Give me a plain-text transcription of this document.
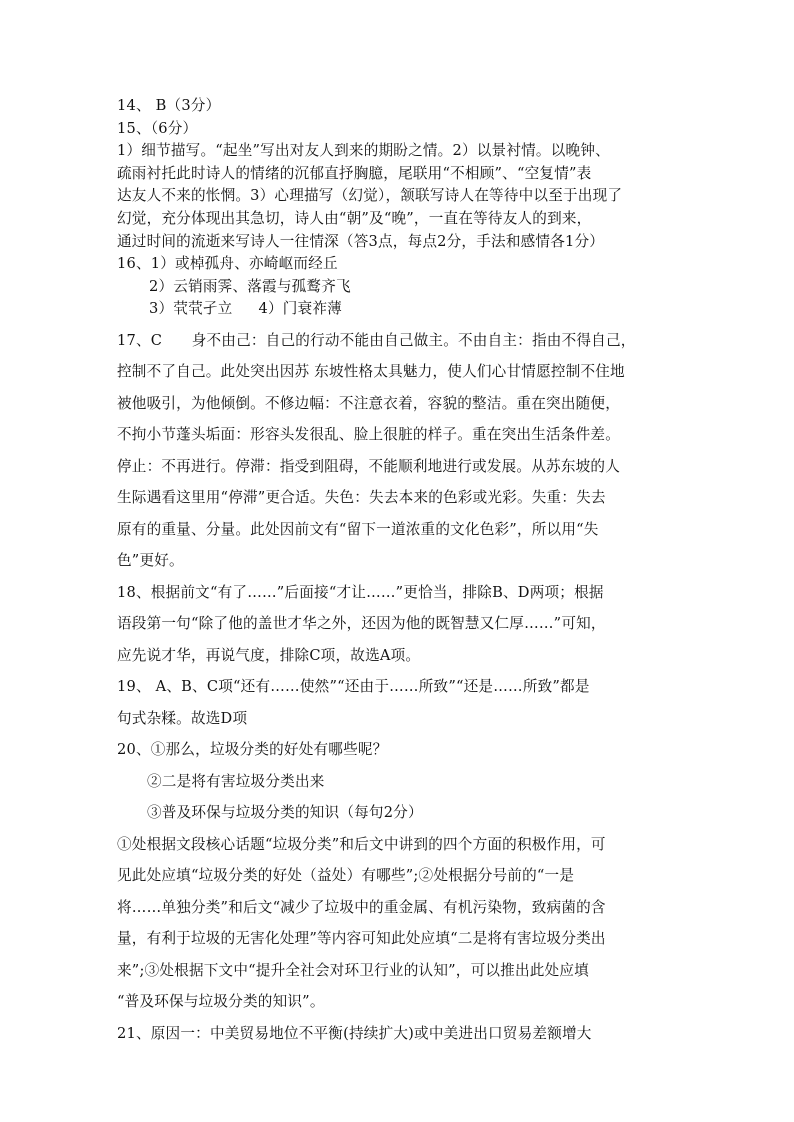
14、 B（3分）
15、（6分）
1）细节描写。“起坐”写出对友人到来的期盼之情。2）以景衬情。以晚钟、
疏雨衬托此时诗人的情绪的沉郁直抒胸臆，尾联用“不相顾”、“空复情”表
达友人不来的怅惘。3）心理描写（幻觉），颔联写诗人在等待中以至于出现了
幻觉，充分体现出其急切，诗人由“朝”及“晚”，一直在等待友人的到来，
通过时间的流逝来写诗人一往情深（答3点，每点2分，手法和感情各1分）
16、1）或棹孤舟、亦崎岖而经丘
2）云销雨霁、落霞与孤鹜齐飞
3）茕茕孑立 4）门衰祚薄
17、C　　身不由己：自己的行动不能由自己做主。不由自主：指由不得自己，
控制不了自己。此处突出因苏 东坡性格太具魅力，使人们心甘情愿控制不住地
被他吸引，为他倾倒。不修边幅：不注意衣着，容貌的整洁。重在突出随便，
不拘小节蓬头垢面：形容头发很乱、脸上很脏的样子。重在突出生活条件差。
停止：不再进行。停滞：指受到阻碍，不能顺利地进行或发展。从苏东坡的人
生际遇看这里用“停滞”更合适。失色：失去本来的色彩或光彩。失重：失去
原有的重量、分量。此处因前文有“留下一道浓重的文化色彩”，所以用“失
色”更好。
18、根据前文“有了……”后面接“才让……”更恰当，排除B、D两项；根据
语段第一句“除了他的盖世才华之外，还因为他的既智慧又仁厚……”可知，
应先说才华，再说气度，排除C项，故选A项。
19、 A、B、C项“还有……使然”“还由于……所致”“还是……所致”都是
句式杂糅。故选D项
20、①那么，垃圾分类的好处有哪些呢？
②二是将有害垃圾分类出来
③普及环保与垃圾分类的知识（每句2分）
①处根据文段核心话题“垃圾分类”和后文中讲到的四个方面的积极作用，可
见此处应填“垃圾分类的好处（益处）有哪些”;②处根据分号前的“一是
将……单独分类”和后文“减少了垃圾中的重金属、有机污染物，致病菌的含
量，有利于垃圾的无害化处理”等内容可知此处应填“二是将有害垃圾分类出
来”;③处根据下文中“提升全社会对环卫行业的认知”，可以推出此处应填
“普及环保与垃圾分类的知识”。
21、原因一：中美贸易地位不平衡(持续扩大)或中美进出口贸易差额增大
